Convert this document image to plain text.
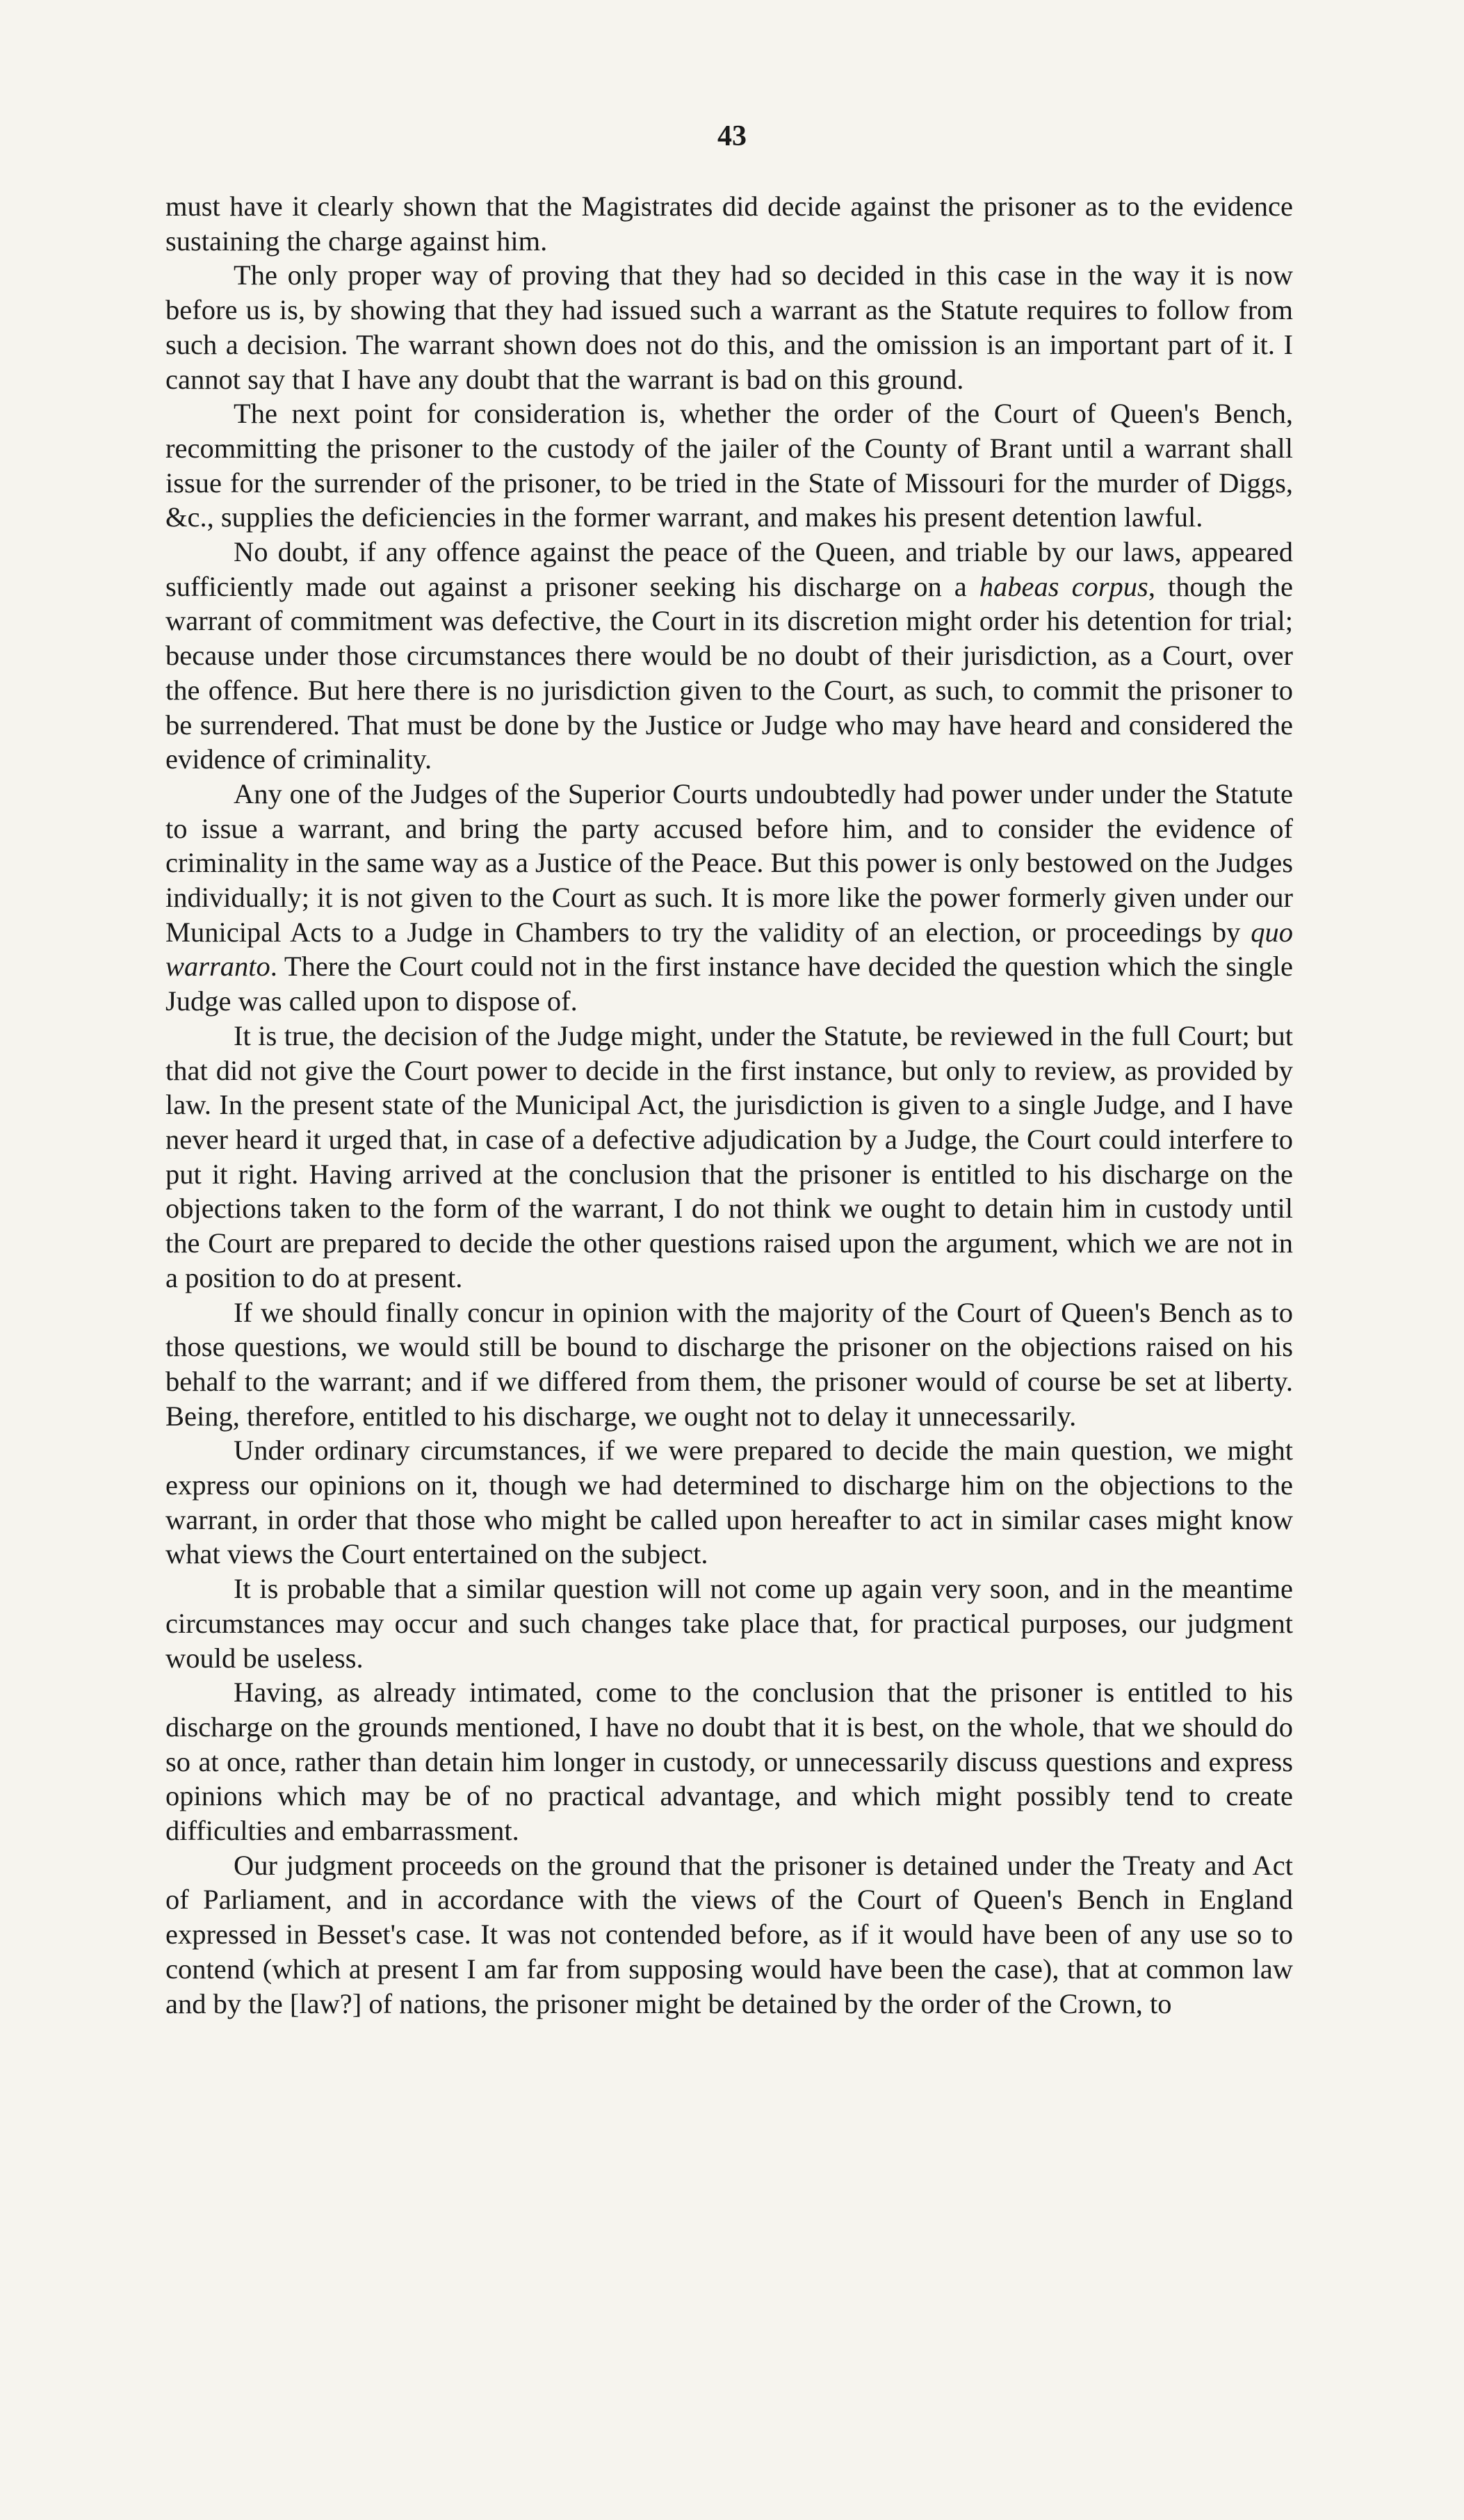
43

must have it clearly shown that the Magistrates did decide against the prisoner as to the evidence sustaining the charge against him.

The only proper way of proving that they had so decided in this case in the way it is now before us is, by showing that they had issued such a warrant as the Statute requires to follow from such a decision. The warrant shown does not do this, and the omission is an important part of it. I cannot say that I have any doubt that the warrant is bad on this ground.

The next point for consideration is, whether the order of the Court of Queen's Bench, recommitting the prisoner to the custody of the jailer of the County of Brant until a warrant shall issue for the surrender of the prisoner, to be tried in the State of Missouri for the murder of Diggs, &c., supplies the deficiencies in the former warrant, and makes his present detention lawful.

No doubt, if any offence against the peace of the Queen, and triable by our laws, appeared sufficiently made out against a prisoner seeking his discharge on a habeas corpus, though the warrant of commitment was defective, the Court in its discretion might order his detention for trial; because under those circumstances there would be no doubt of their jurisdiction, as a Court, over the offence. But here there is no jurisdiction given to the Court, as such, to commit the prisoner to be surrendered. That must be done by the Justice or Judge who may have heard and considered the evidence of criminality.

Any one of the Judges of the Superior Courts undoubtedly had power under under the Statute to issue a warrant, and bring the party accused before him, and to consider the evidence of criminality in the same way as a Justice of the Peace. But this power is only bestowed on the Judges individually; it is not given to the Court as such. It is more like the power formerly given under our Municipal Acts to a Judge in Chambers to try the validity of an election, or proceedings by quo warranto. There the Court could not in the first instance have decided the question which the single Judge was called upon to dispose of.

It is true, the decision of the Judge might, under the Statute, be reviewed in the full Court; but that did not give the Court power to decide in the first instance, but only to review, as provided by law. In the present state of the Municipal Act, the jurisdiction is given to a single Judge, and I have never heard it urged that, in case of a defective adjudication by a Judge, the Court could interfere to put it right. Having arrived at the conclusion that the prisoner is entitled to his discharge on the objections taken to the form of the warrant, I do not think we ought to detain him in custody until the Court are prepared to decide the other questions raised upon the argument, which we are not in a position to do at present.

If we should finally concur in opinion with the majority of the Court of Queen's Bench as to those questions, we would still be bound to discharge the prisoner on the objections raised on his behalf to the warrant; and if we differed from them, the prisoner would of course be set at liberty. Being, therefore, entitled to his discharge, we ought not to delay it unnecessarily.

Under ordinary circumstances, if we were prepared to decide the main question, we might express our opinions on it, though we had determined to discharge him on the objections to the warrant, in order that those who might be called upon hereafter to act in similar cases might know what views the Court entertained on the subject.

It is probable that a similar question will not come up again very soon, and in the meantime circumstances may occur and such changes take place that, for practical purposes, our judgment would be useless.

Having, as already intimated, come to the conclusion that the prisoner is entitled to his discharge on the grounds mentioned, I have no doubt that it is best, on the whole, that we should do so at once, rather than detain him longer in custody, or unnecessarily discuss questions and express opinions which may be of no practical advantage, and which might possibly tend to create difficulties and embarrassment.

Our judgment proceeds on the ground that the prisoner is detained under the Treaty and Act of Parliament, and in accordance with the views of the Court of Queen's Bench in England expressed in Besset's case. It was not contended before, as if it would have been of any use so to contend (which at present I am far from supposing would have been the case), that at common law and by the [law?] of nations, the prisoner might be detained by the order of the Crown, to
